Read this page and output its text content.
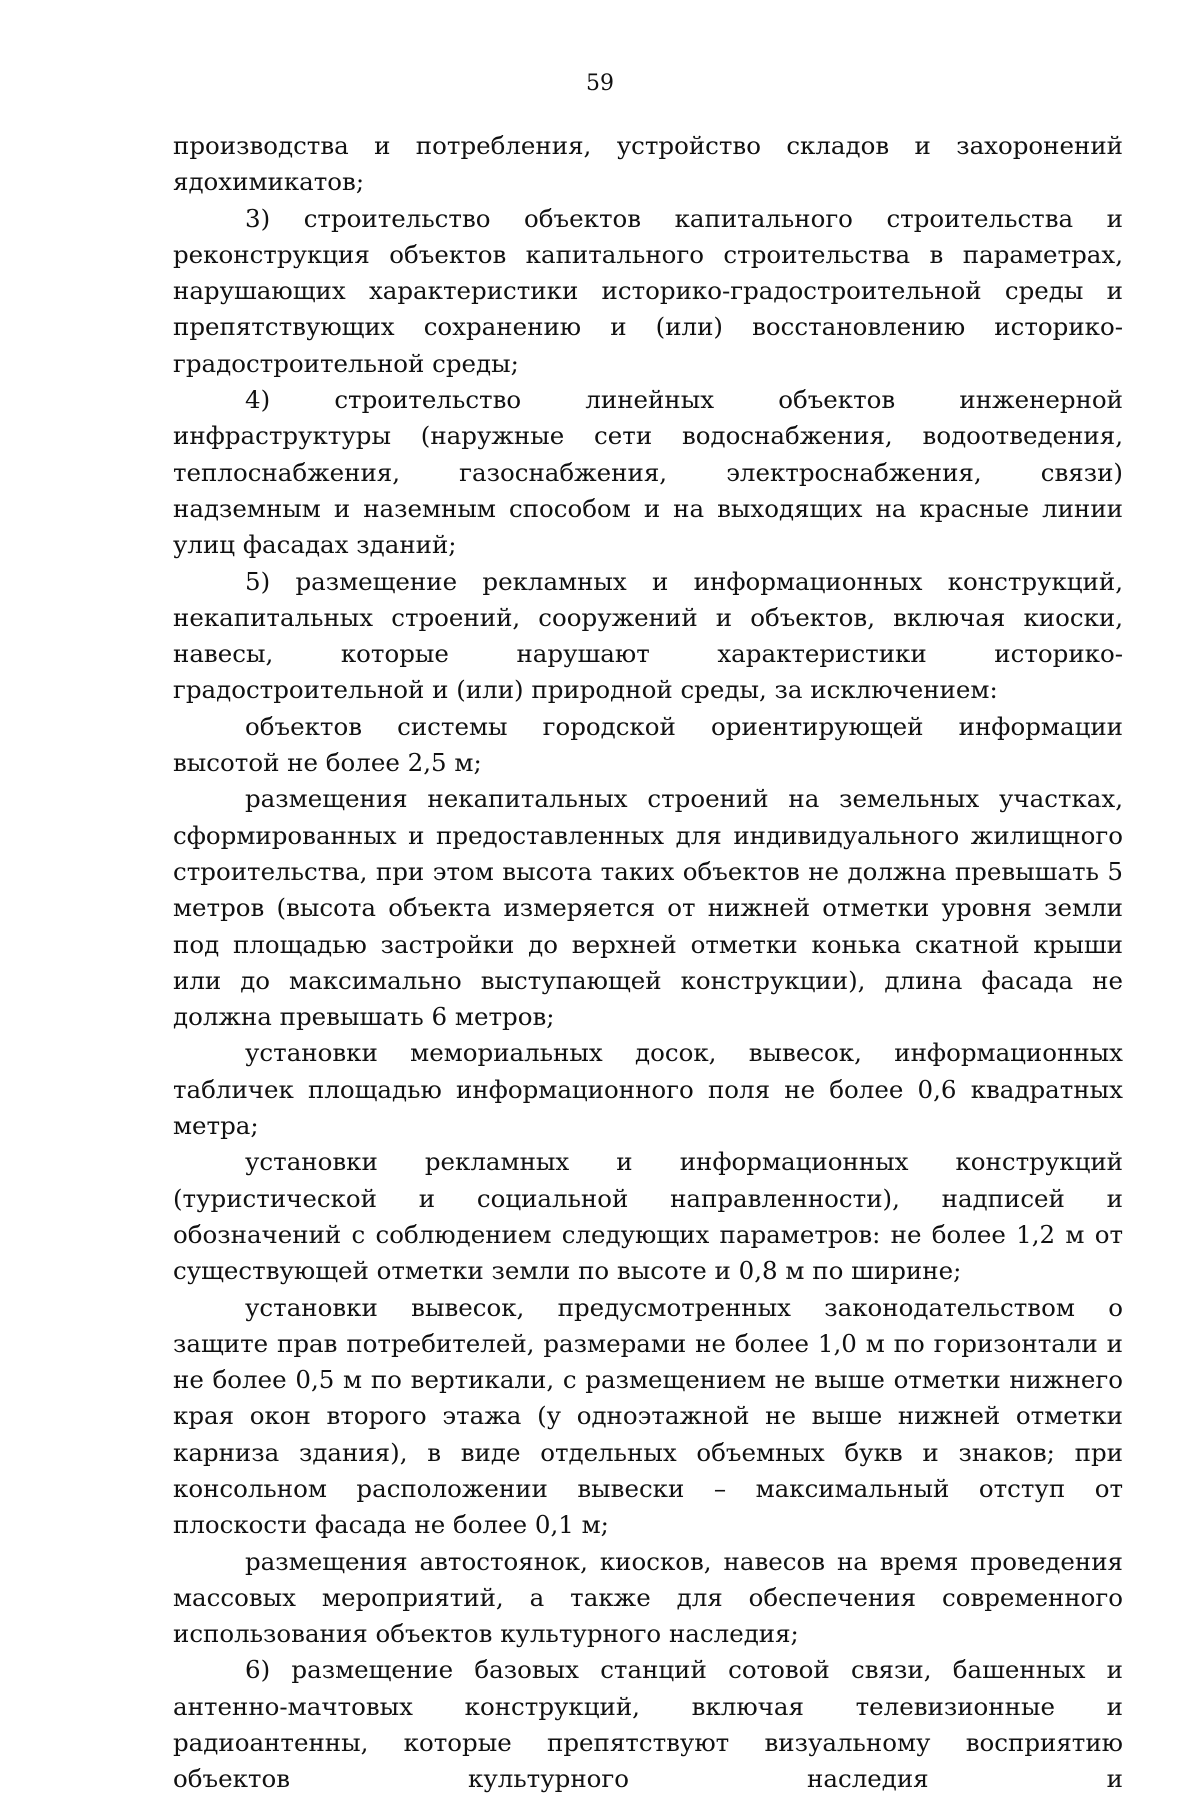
59

производства и потребления, устройство складов и захоронений ядохимикатов;

3) строительство объектов капитального строительства и реконструкция объектов капитального строительства в параметрах, нарушающих характеристики историко-градостроительной среды и препятствующих сохранению и (или) восстановлению историко-градостроительной среды;

4) строительство линейных объектов инженерной инфраструктуры (наружные сети водоснабжения, водоотведения, теплоснабжения, газоснабжения, электроснабжения, связи) надземным и наземным способом и на выходящих на красные линии улиц фасадах зданий;

5) размещение рекламных и информационных конструкций, некапитальных строений, сооружений и объектов, включая киоски, навесы, которые нарушают характеристики историко-градостроительной и (или) природной среды, за исключением:

объектов системы городской ориентирующей информации высотой не более 2,5 м;

размещения некапитальных строений на земельных участках, сформированных и предоставленных для индивидуального жилищного строительства, при этом высота таких объектов не должна превышать 5 метров (высота объекта измеряется от нижней отметки уровня земли под площадью застройки до верхней отметки конька скатной крыши или до максимально выступающей конструкции), длина фасада не должна превышать 6 метров;

установки мемориальных досок, вывесок, информационных табличек площадью информационного поля не более 0,6 квадратных метра;

установки рекламных и информационных конструкций (туристической и социальной направленности), надписей и обозначений с соблюдением следующих параметров: не более 1,2 м от существующей отметки земли по высоте и 0,8 м по ширине;

установки вывесок, предусмотренных законодательством о защите прав потребителей, размерами не более 1,0 м по горизонтали и не более 0,5 м по вертикали, с размещением не выше отметки нижнего края окон второго этажа (у одноэтажной не выше нижней отметки карниза здания), в виде отдельных объемных букв и знаков; при консольном расположении вывески – максимальный отступ от плоскости фасада не более 0,1 м;

размещения автостоянок, киосков, навесов на время проведения массовых мероприятий, а также для обеспечения современного использования объектов культурного наследия;

6) размещение базовых станций сотовой связи, башенных и антенно-мачтовых конструкций, включая телевизионные и радиоантенны, которые препятствуют визуальному восприятию объектов культурного наследия и
